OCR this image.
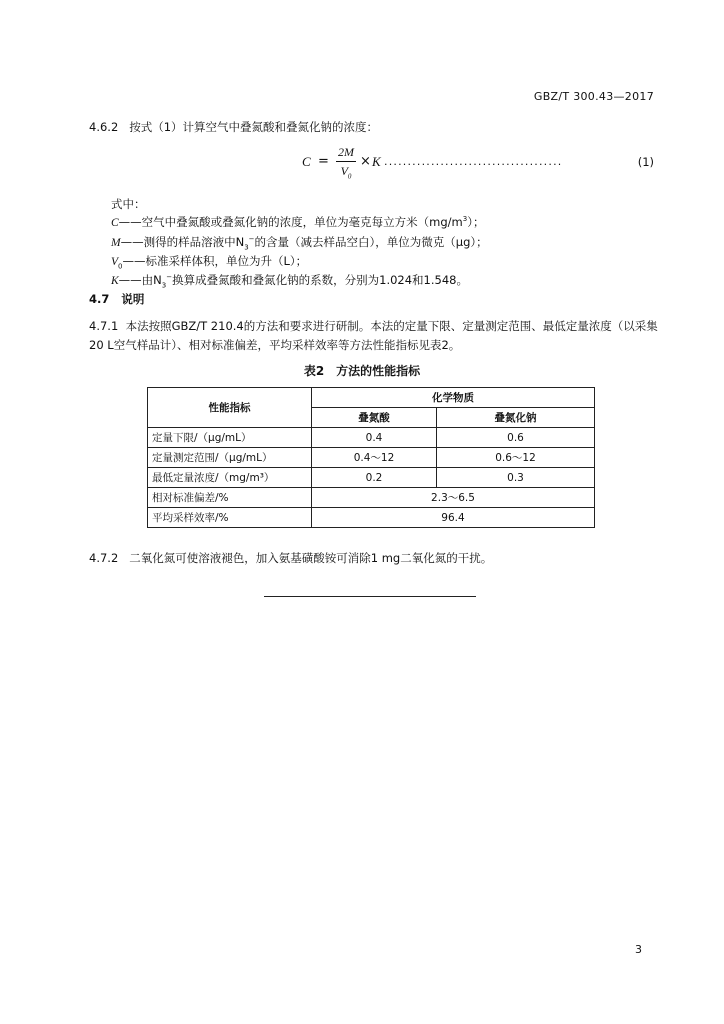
GBZ/T 300.43—2017
4.6.2 按式（1）计算空气中叠氮酸和叠氮化钠的浓度：
C =
2M
$V_0$
× K ......................................	(1)
式中：
C——空气中叠氮酸或叠氮化钠的浓度，单位为毫克每立方米$(mg/m^3)$；
M——测得的样品溶液中$N_3^-$的含量（减去样品空白），单位为微克（μg）；
$V_0——$标准采样体积，单位为升（L）；
K——由$N_3^-$换算成叠氮酸和叠氮化钠的系数，分别为1.024和1.548。
4.7 说明
4.7.1 本法按照GBZ/T 210.4的方法和要求进行研制。本法的定量下限、定量测定范围、最低定量浓度（以采集20 L空气样品计）、相对标准偏差，平均采样效率等方法性能指标见表2。
表2　方法的性能指标
性能指标	化学物质	
	叠氮酸	叠氮化钠
定量下限/（μg/mL）	0.4	0.6
定量测定范围/（μg/mL）	0.4～12	0.6～12
最低定量浓度/（mg/m³）	0.2	0.3
相对标准偏差/%	2.3～6.5	
平均采样效率/%	96.4	
4.7.2 二氧化氮可使溶液褪色，加入氨基磺酸铵可消除1 mg二氧化氮的干扰。
3
